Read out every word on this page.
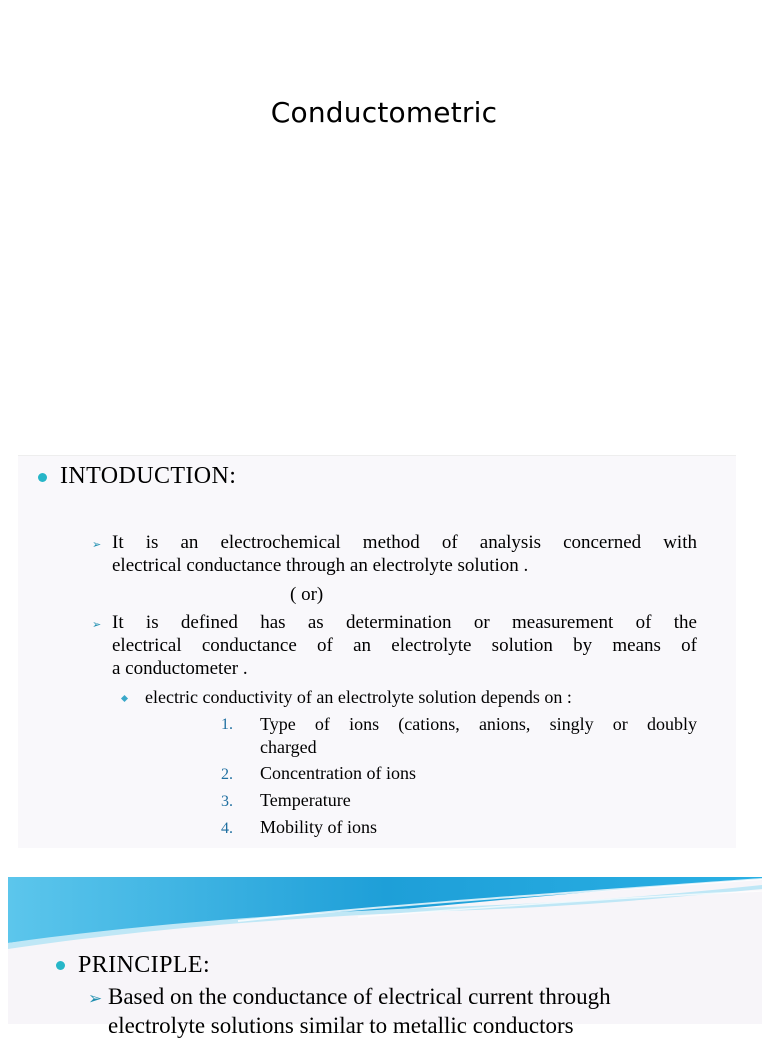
Conductometric
INTODUCTION:
➢ It is an electrochemical method of analysis concerned with
electrical conductance through an electrolyte solution .
( or)
➢ It is defined has as determination or measurement of the
electrical conductance of an electrolyte solution by means of
a conductometer .
electric conductivity of an electrolyte solution depends on :
1. Type of ions (cations, anions, singly or doubly
charged
2. Concentration of ions
3. Temperature
4. Mobility of ions
PRINCIPLE:
➢ Based on the conductance of electrical current through
electrolyte solutions similar to metallic conductors
